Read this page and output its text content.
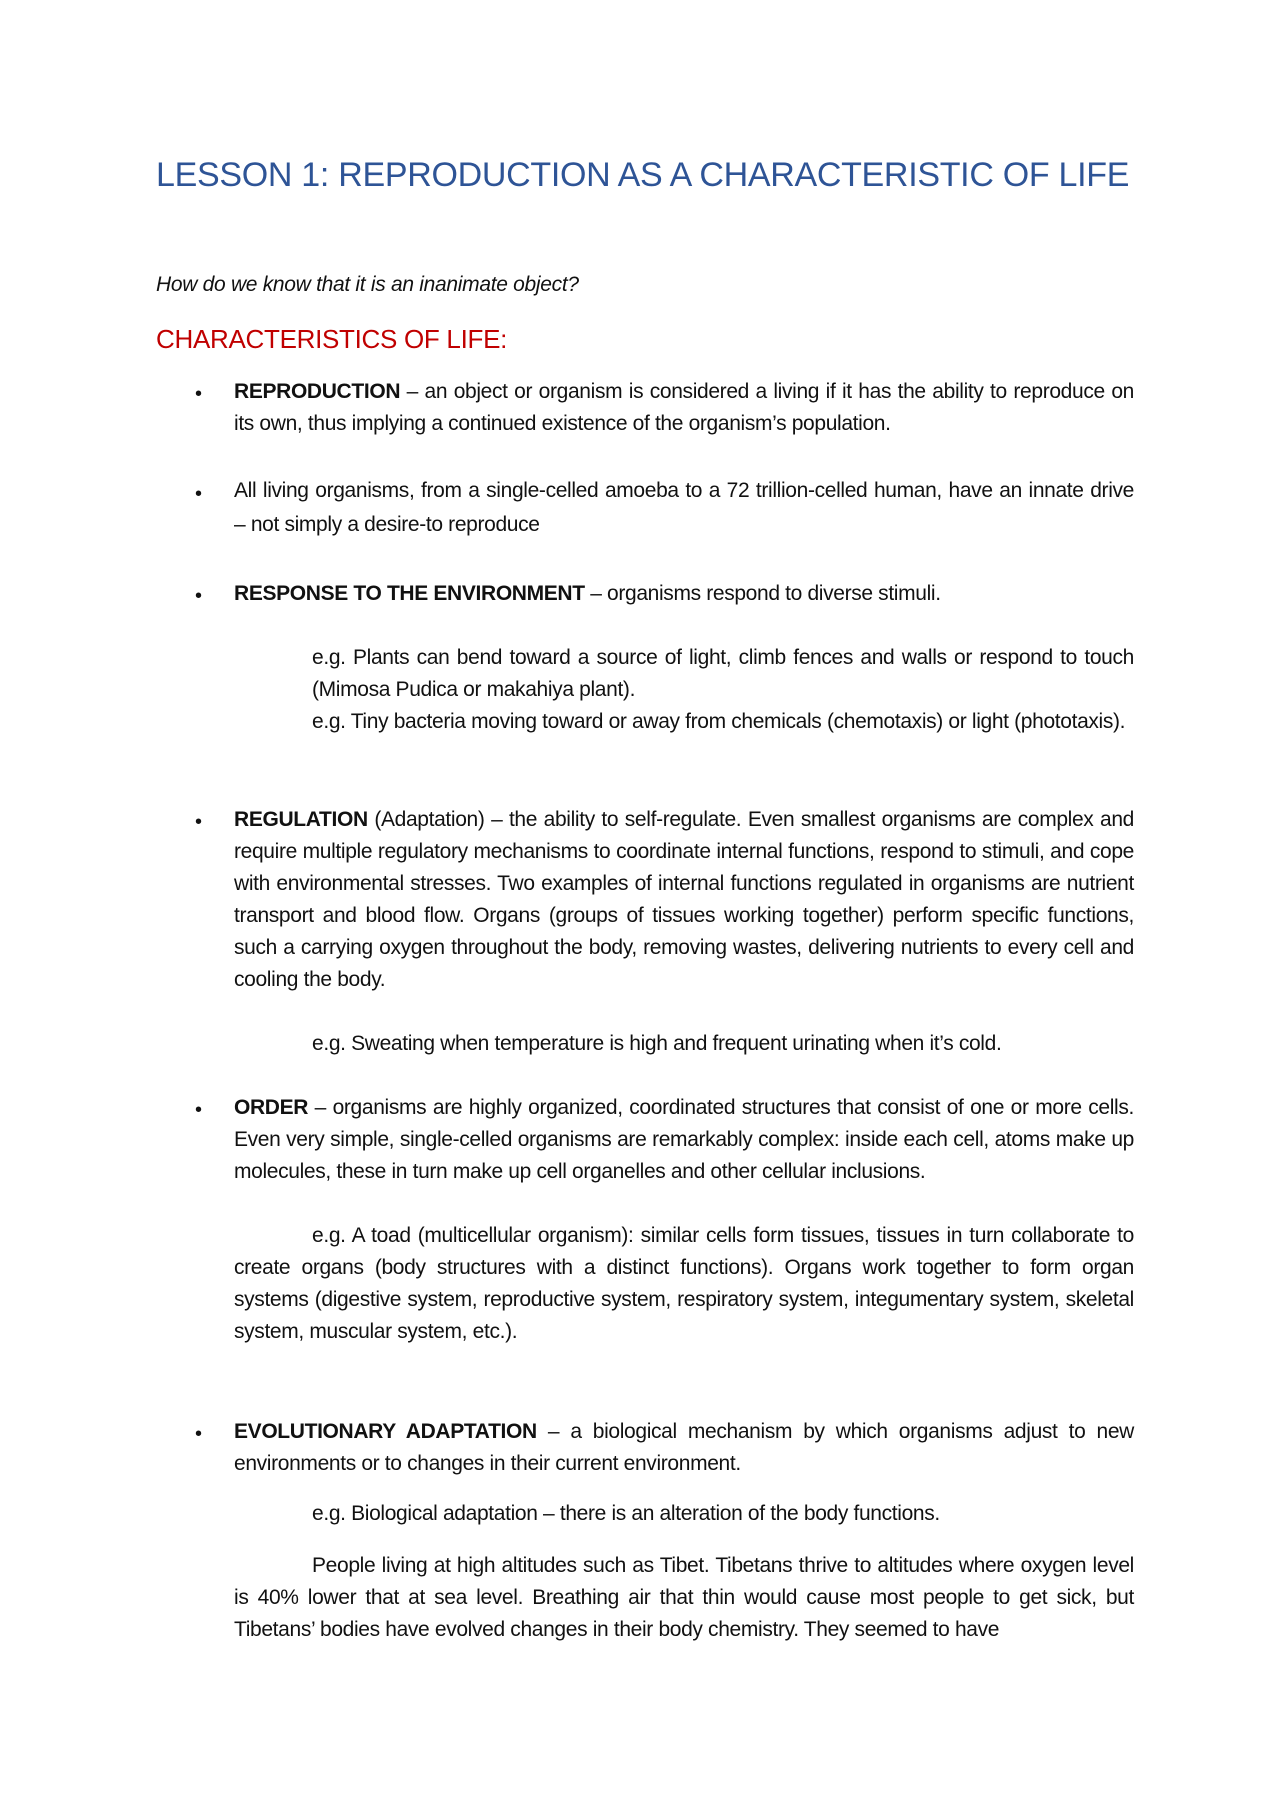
LESSON 1: REPRODUCTION AS A CHARACTERISTIC OF LIFE

How do we know that it is an inanimate object?

CHARACTERISTICS OF LIFE:
•	REPRODUCTION – an object or organism is considered a living if it has the ability to reproduce on its own, thus implying a continued existence of the organism’s population.

•	All living organisms, from a single-celled amoeba to a 72 trillion-celled human, have an innate drive – not simply a desire-to reproduce

•	RESPONSE TO THE ENVIRONMENT – organisms respond to diverse stimuli.

e.g. Plants can bend toward a source of light, climb fences and walls or respond to touch (Mimosa Pudica or makahiya plant).

e.g. Tiny bacteria moving toward or away from chemicals (chemotaxis) or light (phototaxis).

•	REGULATION (Adaptation) – the ability to self-regulate. Even smallest organisms are complex and require multiple regulatory mechanisms to coordinate internal functions, respond to stimuli, and cope with environmental stresses. Two examples of internal functions regulated in organisms are nutrient transport and blood flow. Organs (groups of tissues working together) perform specific functions, such a carrying oxygen throughout the body, removing wastes, delivering nutrients to every cell and cooling the body.

e.g. Sweating when temperature is high and frequent urinating when it’s cold.

•	ORDER – organisms are highly organized, coordinated structures that consist of one or more cells. Even very simple, single-celled organisms are remarkably complex: inside each cell, atoms make up molecules, these in turn make up cell organelles and other cellular inclusions.

e.g. A toad (multicellular organism): similar cells form tissues, tissues in turn collaborate to create organs (body structures with a distinct functions). Organs work together to form organ systems (digestive system, reproductive system, respiratory system, integumentary system, skeletal system, muscular system, etc.).

•	EVOLUTIONARY ADAPTATION – a biological mechanism by which organisms adjust to new environments or to changes in their current environment.

e.g. Biological adaptation – there is an alteration of the body functions.

People living at high altitudes such as Tibet. Tibetans thrive to altitudes where oxygen level is 40% lower that at sea level. Breathing air that thin would cause most people to get sick, but Tibetans’ bodies have evolved changes in their body chemistry. They seemed to have
